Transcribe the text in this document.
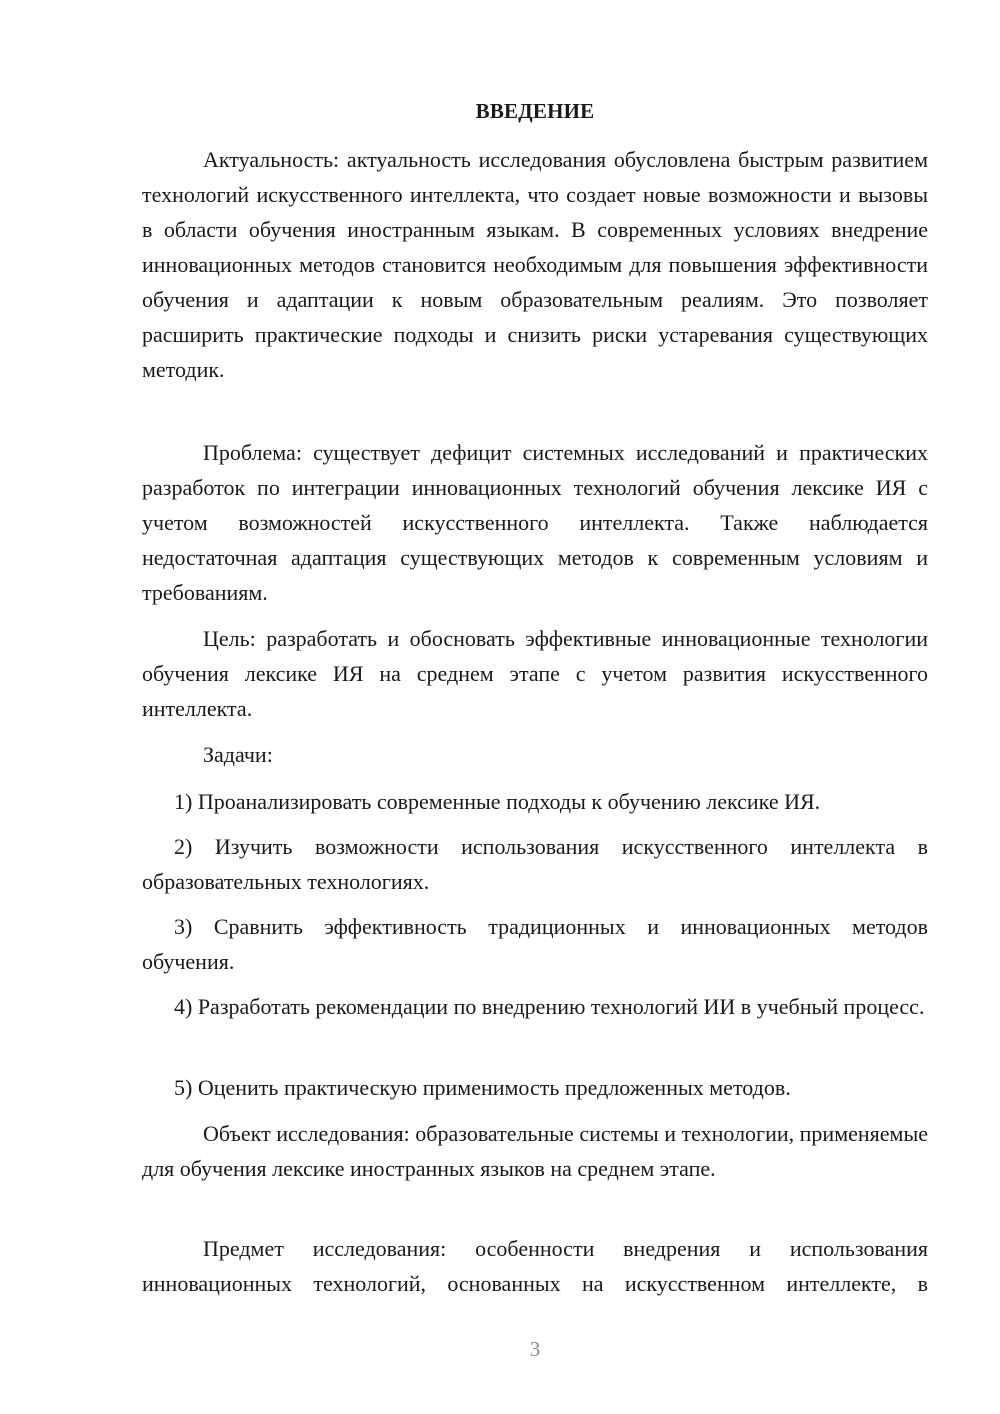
ВВЕДЕНИЕ

Актуальность: актуальность исследования обусловлена быстрым развитием технологий искусственного интеллекта, что создает новые возможности и вызовы в области обучения иностранным языкам. В современных условиях внедрение инновационных методов становится необходимым для повышения эффективности обучения и адаптации к новым образовательным реалиям. Это позволяет расширить практические подходы и снизить риски устаревания существующих методик.

Проблема: существует дефицит системных исследований и практических разработок по интеграции инновационных технологий обучения лексике ИЯ с учетом возможностей искусственного интеллекта. Также наблюдается недостаточная адаптация существующих методов к современным условиям и требованиям.

Цель: разработать и обосновать эффективные инновационные технологии обучения лексике ИЯ на среднем этапе с учетом развития искусственного интеллекта.

Задачи:

1) Проанализировать современные подходы к обучению лексике ИЯ.

2) Изучить возможности использования искусственного интеллекта в образовательных технологиях.

3) Сравнить эффективность традиционных и инновационных методов обучения.

4) Разработать рекомендации по внедрению технологий ИИ в учебный процесс.

5) Оценить практическую применимость предложенных методов.

Объект исследования: образовательные системы и технологии, применяемые для обучения лексике иностранных языков на среднем этапе.

Предмет исследования: особенности внедрения и использования инновационных технологий, основанных на искусственном интеллекте, в

3
